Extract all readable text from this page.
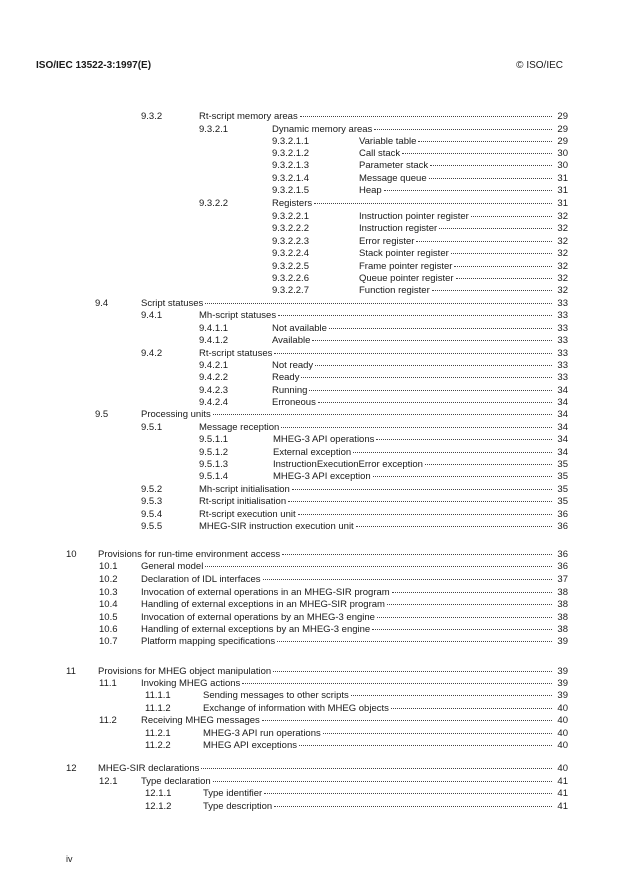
ISO/IEC 13522-3:1997(E)	© ISO/IEC
9.3.2	Rt-script memory areas	29
9.3.2.1	Dynamic memory areas	29
9.3.2.1.1	Variable table	29
9.3.2.1.2	Call stack	30
9.3.2.1.3	Parameter stack	30
9.3.2.1.4	Message queue	31
9.3.2.1.5	Heap	31
9.3.2.2	Registers	31
9.3.2.2.1	Instruction pointer register	32
9.3.2.2.2	Instruction register	32
9.3.2.2.3	Error register	32
9.3.2.2.4	Stack pointer register	32
9.3.2.2.5	Frame pointer register	32
9.3.2.2.6	Queue pointer register	32
9.3.2.2.7	Function register	32
9.4	Script statuses	33
9.4.1	Mh-script statuses	33
9.4.1.1	Not available	33
9.4.1.2	Available	33
9.4.2	Rt-script statuses	33
9.4.2.1	Not ready	33
9.4.2.2	Ready	33
9.4.2.3	Running	34
9.4.2.4	Erroneous	34
9.5	Processing units	34
9.5.1	Message reception	34
9.5.1.1	MHEG-3 API operations	34
9.5.1.2	External exception	34
9.5.1.3	InstructionExecutionError exception	35
9.5.1.4	MHEG-3 API exception	35
9.5.2	Mh-script initialisation	35
9.5.3	Rt-script initialisation	35
9.5.4	Rt-script execution unit	36
9.5.5	MHEG-SIR instruction execution unit	36
10 Provisions for run-time environment access	36
10.1 General model	36
10.2 Declaration of IDL interfaces	37
10.3 Invocation of external operations in an MHEG-SIR program	38
10.4 Handling of external exceptions in an MHEG-SIR program	38
10.5 Invocation of external operations by an MHEG-3 engine	38
10.6 Handling of external exceptions by an MHEG-3 engine	38
10.7 Platform mapping specifications	39
11 Provisions for MHEG object manipulation	39
11.1	Invoking MHEG actions	39
11.1.1	Sending messages to other scripts	39
11.1.2	Exchange of information with MHEG objects	40
11.2	Receiving MHEG messages	40
11.2.1	MHEG-3 API run operations	40
11.2.2	MHEG API exceptions	40
12 MHEG-SIR declarations	40
12.1 Type declaration	41
12.1.1	Type identifier	41
12.1.2	Type description	41
iv
